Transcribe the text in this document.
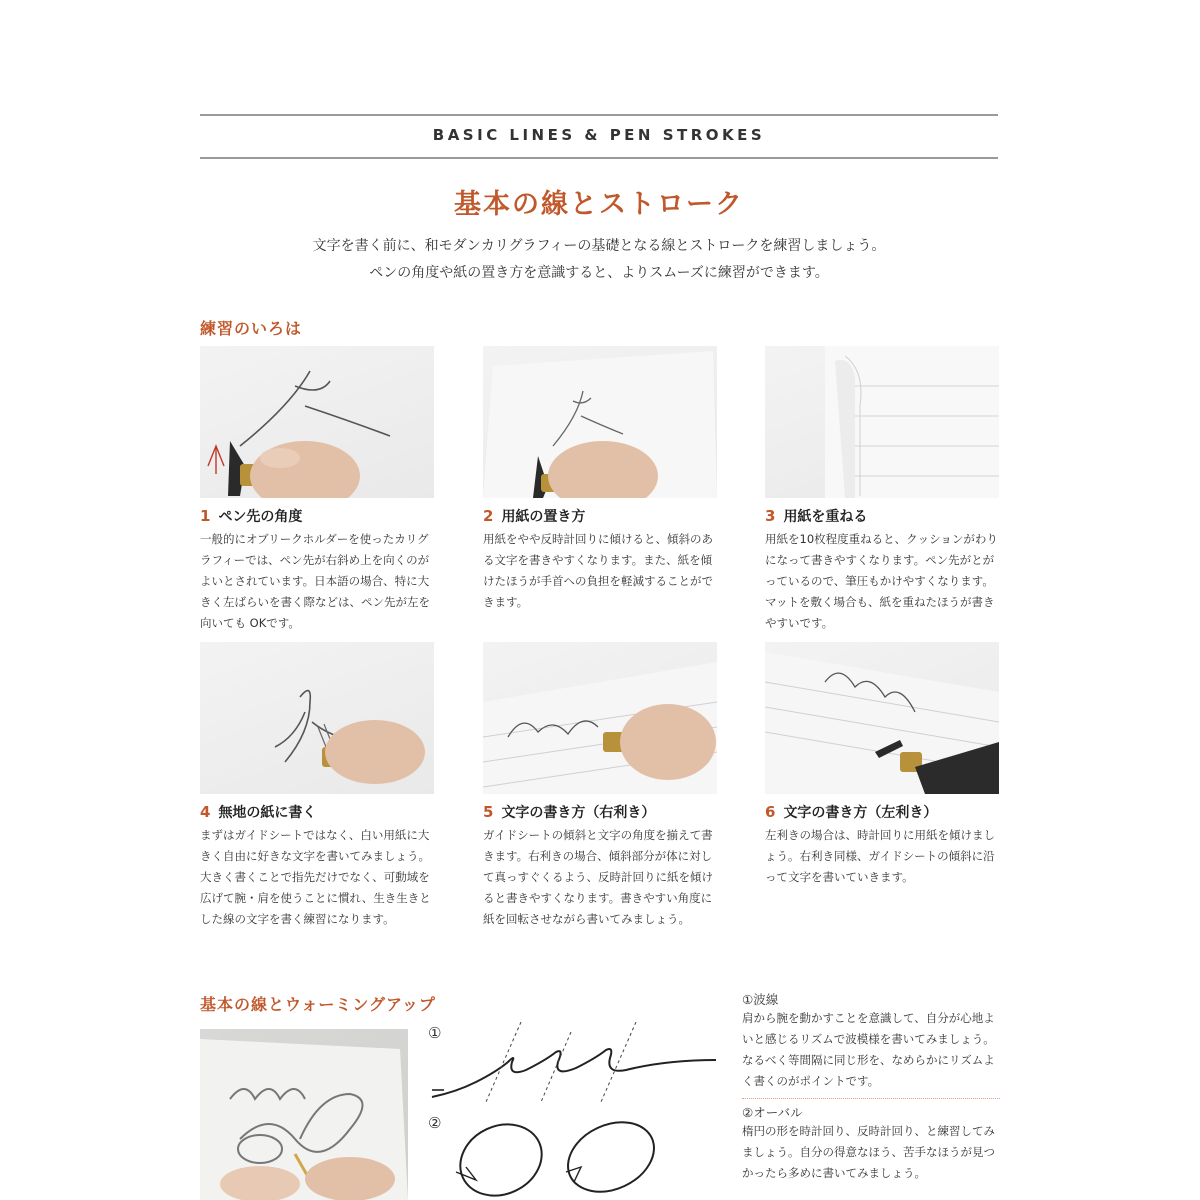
BASIC LINES & PEN STROKES
基本の線とストローク
文字を書く前に、和モダンカリグラフィーの基礎となる線とストロークを練習しましょう。
ペンの角度や紙の置き方を意識すると、よりスムーズに練習ができます。
練習のいろは
1 ペン先の角度
一般的にオブリークホルダーを使ったカリグラフィーでは、ペン先が右斜め上を向くのがよいとされています。日本語の場合、特に大きく左ばらいを書く際などは、ペン先が左を向いても OKです。
2 用紙の置き方
用紙をやや反時計回りに傾けると、傾斜のある文字を書きやすくなります。また、紙を傾けたほうが手首への負担を軽減することができます。
3 用紙を重ねる
用紙を10枚程度重ねると、クッションがわりになって書きやすくなります。ペン先がとがっているので、筆圧もかけやすくなります。マットを敷く場合も、紙を重ねたほうが書きやすいです。
4 無地の紙に書く
まずはガイドシートではなく、白い用紙に大きく自由に好きな文字を書いてみましょう。大きく書くことで指先だけでなく、可動域を広げて腕・肩を使うことに慣れ、生き生きとした線の文字を書く練習になります。
5 文字の書き方（右利き）
ガイドシートの傾斜と文字の角度を揃えて書きます。右利きの場合、傾斜部分が体に対して真っすぐくるよう、反時計回りに紙を傾けると書きやすくなります。書きやすい角度に紙を回転させながら書いてみましょう。
6 文字の書き方（左利き）
左利きの場合は、時計回りに用紙を傾けましょう。右利き同様、ガイドシートの傾斜に沿って文字を書いていきます。
基本の線とウォーミングアップ
①
②
①波線
肩から腕を動かすことを意識して、自分が心地よいと感じるリズムで波模様を書いてみましょう。なるべく等間隔に同じ形を、なめらかにリズムよく書くのがポイントです。
②オーバル
楕円の形を時計回り、反時計回り、と練習してみましょう。自分の得意なほう、苦手なほうが見つかったら多めに書いてみましょう。
